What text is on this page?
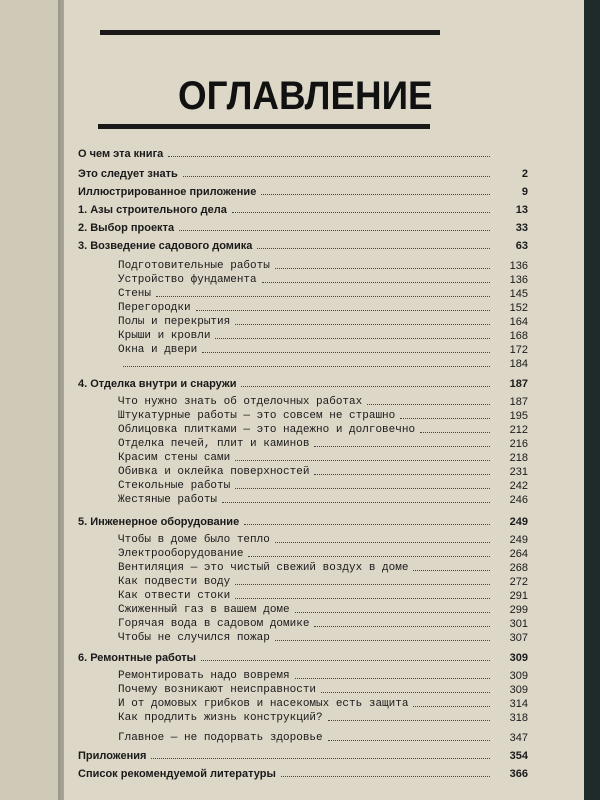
ОГЛАВЛЕНИЕ
О чем эта книга
Это следует знать	2
Иллюстрированное приложение	9
1. Азы строительного дела	13
2. Выбор проекта	33
3. Возведение садового домика	63
Подготовительные работы	136
Устройство фундамента	136
Стены	145
Перегородки	152
Полы и перекрытия	164
Крыши и кровли	168
Окна и двери	172
184
4. Отделка внутри и снаружи	187
Что нужно знать об отделочных работах	187
Штукатурные работы — это совсем не страшно	195
Облицовка плитками — это надежно и долговечно	212
Отделка печей, плит и каминов	216
Красим стены сами	218
Обивка и оклейка поверхностей	231
Стекольные работы	242
Жестяные работы	246
5. Инженерное оборудование	249
Чтобы в доме было тепло	249
Электрооборудование	264
Вентиляция — это чистый свежий воздух в доме	268
Как подвести воду	272
Как отвести стоки	291
Сжиженный газ в вашем доме	299
Горячая вода в садовом домике	301
Чтобы не случился пожар	307
6. Ремонтные работы	309
Ремонтировать надо вовремя	309
Почему возникают неисправности	309
И от домовых грибков и насекомых есть защита	314
Как продлить жизнь конструкций?	318
Главное — не подорвать здоровье	347
Приложения	354
Список рекомендуемой литературы	366
